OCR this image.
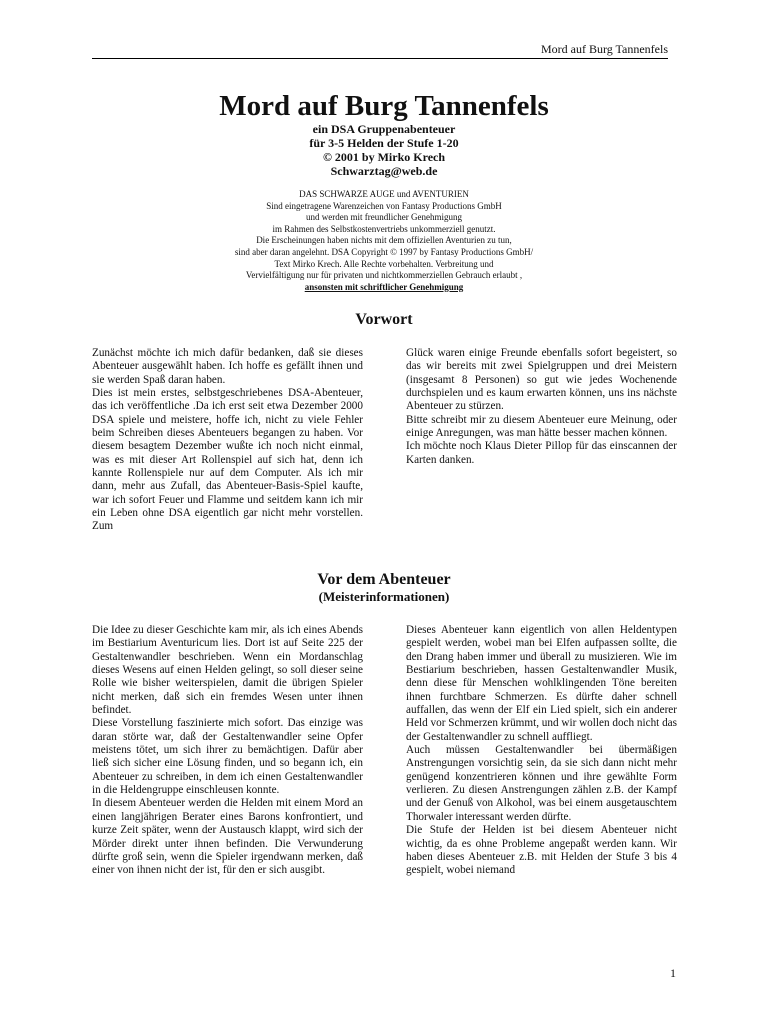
Mord auf Burg Tannenfels
Mord auf Burg Tannenfels
ein DSA Gruppenabenteuer
für 3-5 Helden der Stufe 1-20
© 2001 by Mirko Krech
Schwarztag@web.de
DAS SCHWARZE AUGE und AVENTURIEN
Sind eingetragene Warenzeichen von Fantasy Productions GmbH
und werden mit freundlicher Genehmigung
im Rahmen des Selbstkostenvertriebs unkommerziell genutzt.
Die Erscheinungen haben nichts mit dem offiziellen Aventurien zu tun,
sind aber daran angelehnt. DSA Copyright © 1997 by Fantasy Productions GmbH/
Text Mirko Krech. Alle Rechte vorbehalten. Verbreitung und
Vervielfältigung nur für privaten und nichtkommerziellen Gebrauch erlaubt ,
ansonsten mit schriftlicher Genehmigung
Vorwort

Zunächst möchte ich mich dafür bedanken, daß sie dieses Abenteuer ausgewählt haben. Ich hoffe es gefällt ihnen und sie werden Spaß daran haben.

Dies ist mein erstes, selbstgeschriebenes DSA-Abenteuer, das ich veröffentliche .Da ich erst seit etwa Dezember 2000 DSA spiele und meistere, hoffe ich, nicht zu viele Fehler beim Schreiben dieses Abenteuers begangen zu haben. Vor diesem besagtem Dezember wußte ich noch nicht einmal, was es mit dieser Art Rollenspiel auf sich hat, denn ich kannte Rollenspiele nur auf dem Computer. Als ich mir dann, mehr aus Zufall, das Abenteuer-Basis-Spiel kaufte, war ich sofort Feuer und Flamme und seitdem kann ich mir ein Leben ohne DSA eigentlich gar nicht mehr vorstellen. Zum

Glück waren einige Freunde ebenfalls sofort begeistert, so das wir bereits mit zwei Spielgruppen und drei Meistern (insgesamt 8 Personen) so gut wie jedes Wochenende durchspielen und es kaum erwarten können, uns ins nächste Abenteuer zu stürzen.

Bitte schreibt mir zu diesem Abenteuer eure Meinung, oder einige Anregungen, was man hätte besser machen können.

Ich möchte noch Klaus Dieter Pillop für das einscannen der Karten danken.

Vor dem Abenteuer
(Meisterinformationen)

Die Idee zu dieser Geschichte kam mir, als ich eines Abends im Bestiarium Aventuricum lies. Dort ist auf Seite 225 der Gestaltenwandler beschrieben. Wenn ein Mordanschlag dieses Wesens auf einen Helden gelingt, so soll dieser seine Rolle wie bisher weiterspielen, damit die übrigen Spieler nicht merken, daß sich ein fremdes Wesen unter ihnen befindet.

Diese Vorstellung faszinierte mich sofort. Das einzige was daran störte war, daß der Gestaltenwandler seine Opfer meistens tötet, um sich ihrer zu bemächtigen. Dafür aber ließ sich sicher eine Lösung finden, und so begann ich, ein Abenteuer zu schreiben, in dem ich einen Gestaltenwandler in die Heldengruppe einschleusen konnte.

In diesem Abenteuer werden die Helden mit einem Mord an einen langjährigen Berater eines Barons konfrontiert, und kurze Zeit später, wenn der Austausch klappt, wird sich der Mörder direkt unter ihnen befinden. Die Verwunderung dürfte groß sein, wenn die Spieler irgendwann merken, daß einer von ihnen nicht der ist, für den er sich ausgibt.

Dieses Abenteuer kann eigentlich von allen Heldentypen gespielt werden, wobei man bei Elfen aufpassen sollte, die den Drang haben immer und überall zu musizieren. Wie im Bestiarium beschrieben, hassen Gestaltenwandler Musik, denn diese für Menschen wohlklingenden Töne bereiten ihnen furchtbare Schmerzen. Es dürfte daher schnell auffallen, das wenn der Elf ein Lied spielt, sich ein anderer Held vor Schmerzen krümmt, und wir wollen doch nicht das der Gestaltenwandler zu schnell auffliegt.

Auch müssen Gestaltenwandler bei übermäßigen Anstrengungen vorsichtig sein, da sie sich dann nicht mehr genügend konzentrieren können und ihre gewählte Form verlieren. Zu diesen Anstrengungen zählen z.B. der Kampf und der Genuß von Alkohol, was bei einem ausgetauschtem Thorwaler interessant werden dürfte.

Die Stufe der Helden ist bei diesem Abenteuer nicht wichtig, da es ohne Probleme angepaßt werden kann. Wir haben dieses Abenteuer z.B. mit Helden der Stufe 3 bis 4 gespielt, wobei niemand

1
